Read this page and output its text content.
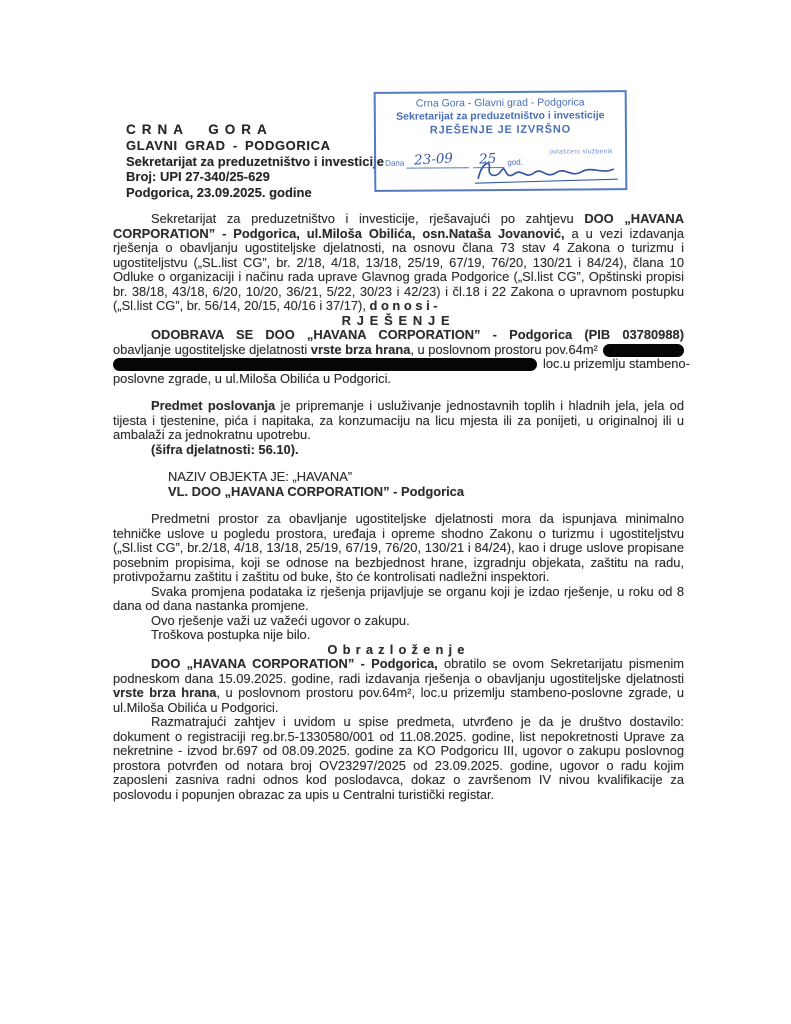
CRNA GORA
GLAVNI GRAD - PODGORICA
Sekretarijat za preduzetništvo i investicije
Broj: UPI 27-340/25-629
Podgorica, 23.09.2025. godine
Crna Gora - Glavni grad - Podgorica
Sekretarijat za preduzetništvo i investicije
RJEŠENJE JE IZVRŠNO
Dana 23-09	25	god.
ovlašćeni službenik

Sekretarijat za preduzetništvo i investicije, rješavajući po zahtjevu DOO „HAVANA CORPORATION” - Podgorica, ul.Miloša Obilića, osn.Nataša Jovanović, a u vezi izdavanja rješenja o obavljanju ugostiteljske djelatnosti, na osnovu člana 73 stav 4 Zakona o turizmu i ugostiteljstvu („SL.list CG”, br. 2/18, 4/18, 13/18, 25/19, 67/19, 76/20, 130/21 i 84/24), člana 10 Odluke o organizaciji i načinu rada uprave Glavnog grada Podgorice („Sl.list CG”, Opštinski propisi br. 38/18, 43/18, 6/20, 10/20, 36/21, 5/22, 30/23 i 42/23) i čl.18 i 22 Zakona o upravnom postupku („Sl.list CG”, br. 56/14, 20/15, 40/16 i 37/17), d o n o s i -

RJEŠENJE

ODOBRAVA SE DOO „HAVANA CORPORATION” - Podgorica (PIB 03780988)
obavljanje ugostiteljske djelatnosti vrste brza hrana, u poslovnom prostoru pov.64m²
loc.u prizemlju stambeno-
poslovne zgrade, u ul.Miloša Obilića u Podgorici.

Predmet poslovanja je pripremanje i usluživanje jednostavnih toplih i hladnih jela, jela od tijesta i tjestenine, pića i napitaka, za konzumaciju na licu mjesta ili za ponijeti, u originalnoj ili u ambalaži za jednokratnu upotrebu.

(šifra djelatnosti: 56.10).

NAZIV OBJEKTA JE: „HAVANA”

VL. DOO „HAVANA CORPORATION” - Podgorica

Predmetni prostor za obavljanje ugostiteljske djelatnosti mora da ispunjava minimalno tehničke uslove u pogledu prostora, uređaja i opreme shodno Zakonu o turizmu i ugostiteljstvu („Sl.list CG”, br.2/18, 4/18, 13/18, 25/19, 67/19, 76/20, 130/21 i 84/24), kao i druge uslove propisane posebnim propisima, koji se odnose na bezbjednost hrane, izgradnju objekata, zaštitu na radu, protivpožarnu zaštitu i zaštitu od buke, što će kontrolisati nadležni inspektori.

Svaka promjena podataka iz rješenja prijavljuje se organu koji je izdao rješenje, u roku od 8 dana od dana nastanka promjene.

Ovo rješenje važi uz važeći ugovor o zakupu.

Troškova postupka nije bilo.

Obrazloženje

DOO „HAVANA CORPORATION” - Podgorica, obratilo se ovom Sekretarijatu pismenim podneskom dana 15.09.2025. godine, radi izdavanja rješenja o obavljanju ugostiteljske djelatnosti vrste brza hrana, u poslovnom prostoru pov.64m², loc.u prizemlju stambeno-poslovne zgrade, u ul.Miloša Obilića u Podgorici.

Razmatrajući zahtjev i uvidom u spise predmeta, utvrđeno je da je društvo dostavilo: dokument o registraciji reg.br.5-1330580/001 od 11.08.2025. godine, list nepokretnosti Uprave za nekretnine - izvod br.697 od 08.09.2025. godine za KO Podgoricu III, ugovor o zakupu poslovnog prostora potvrđen od notara broj OV23297/2025 od 23.09.2025. godine, ugovor o radu kojim zaposleni zasniva radni odnos kod poslodavca, dokaz o završenom IV nivou kvalifikacije za poslovodu i popunjen obrazac za upis u Centralni turistički registar.
